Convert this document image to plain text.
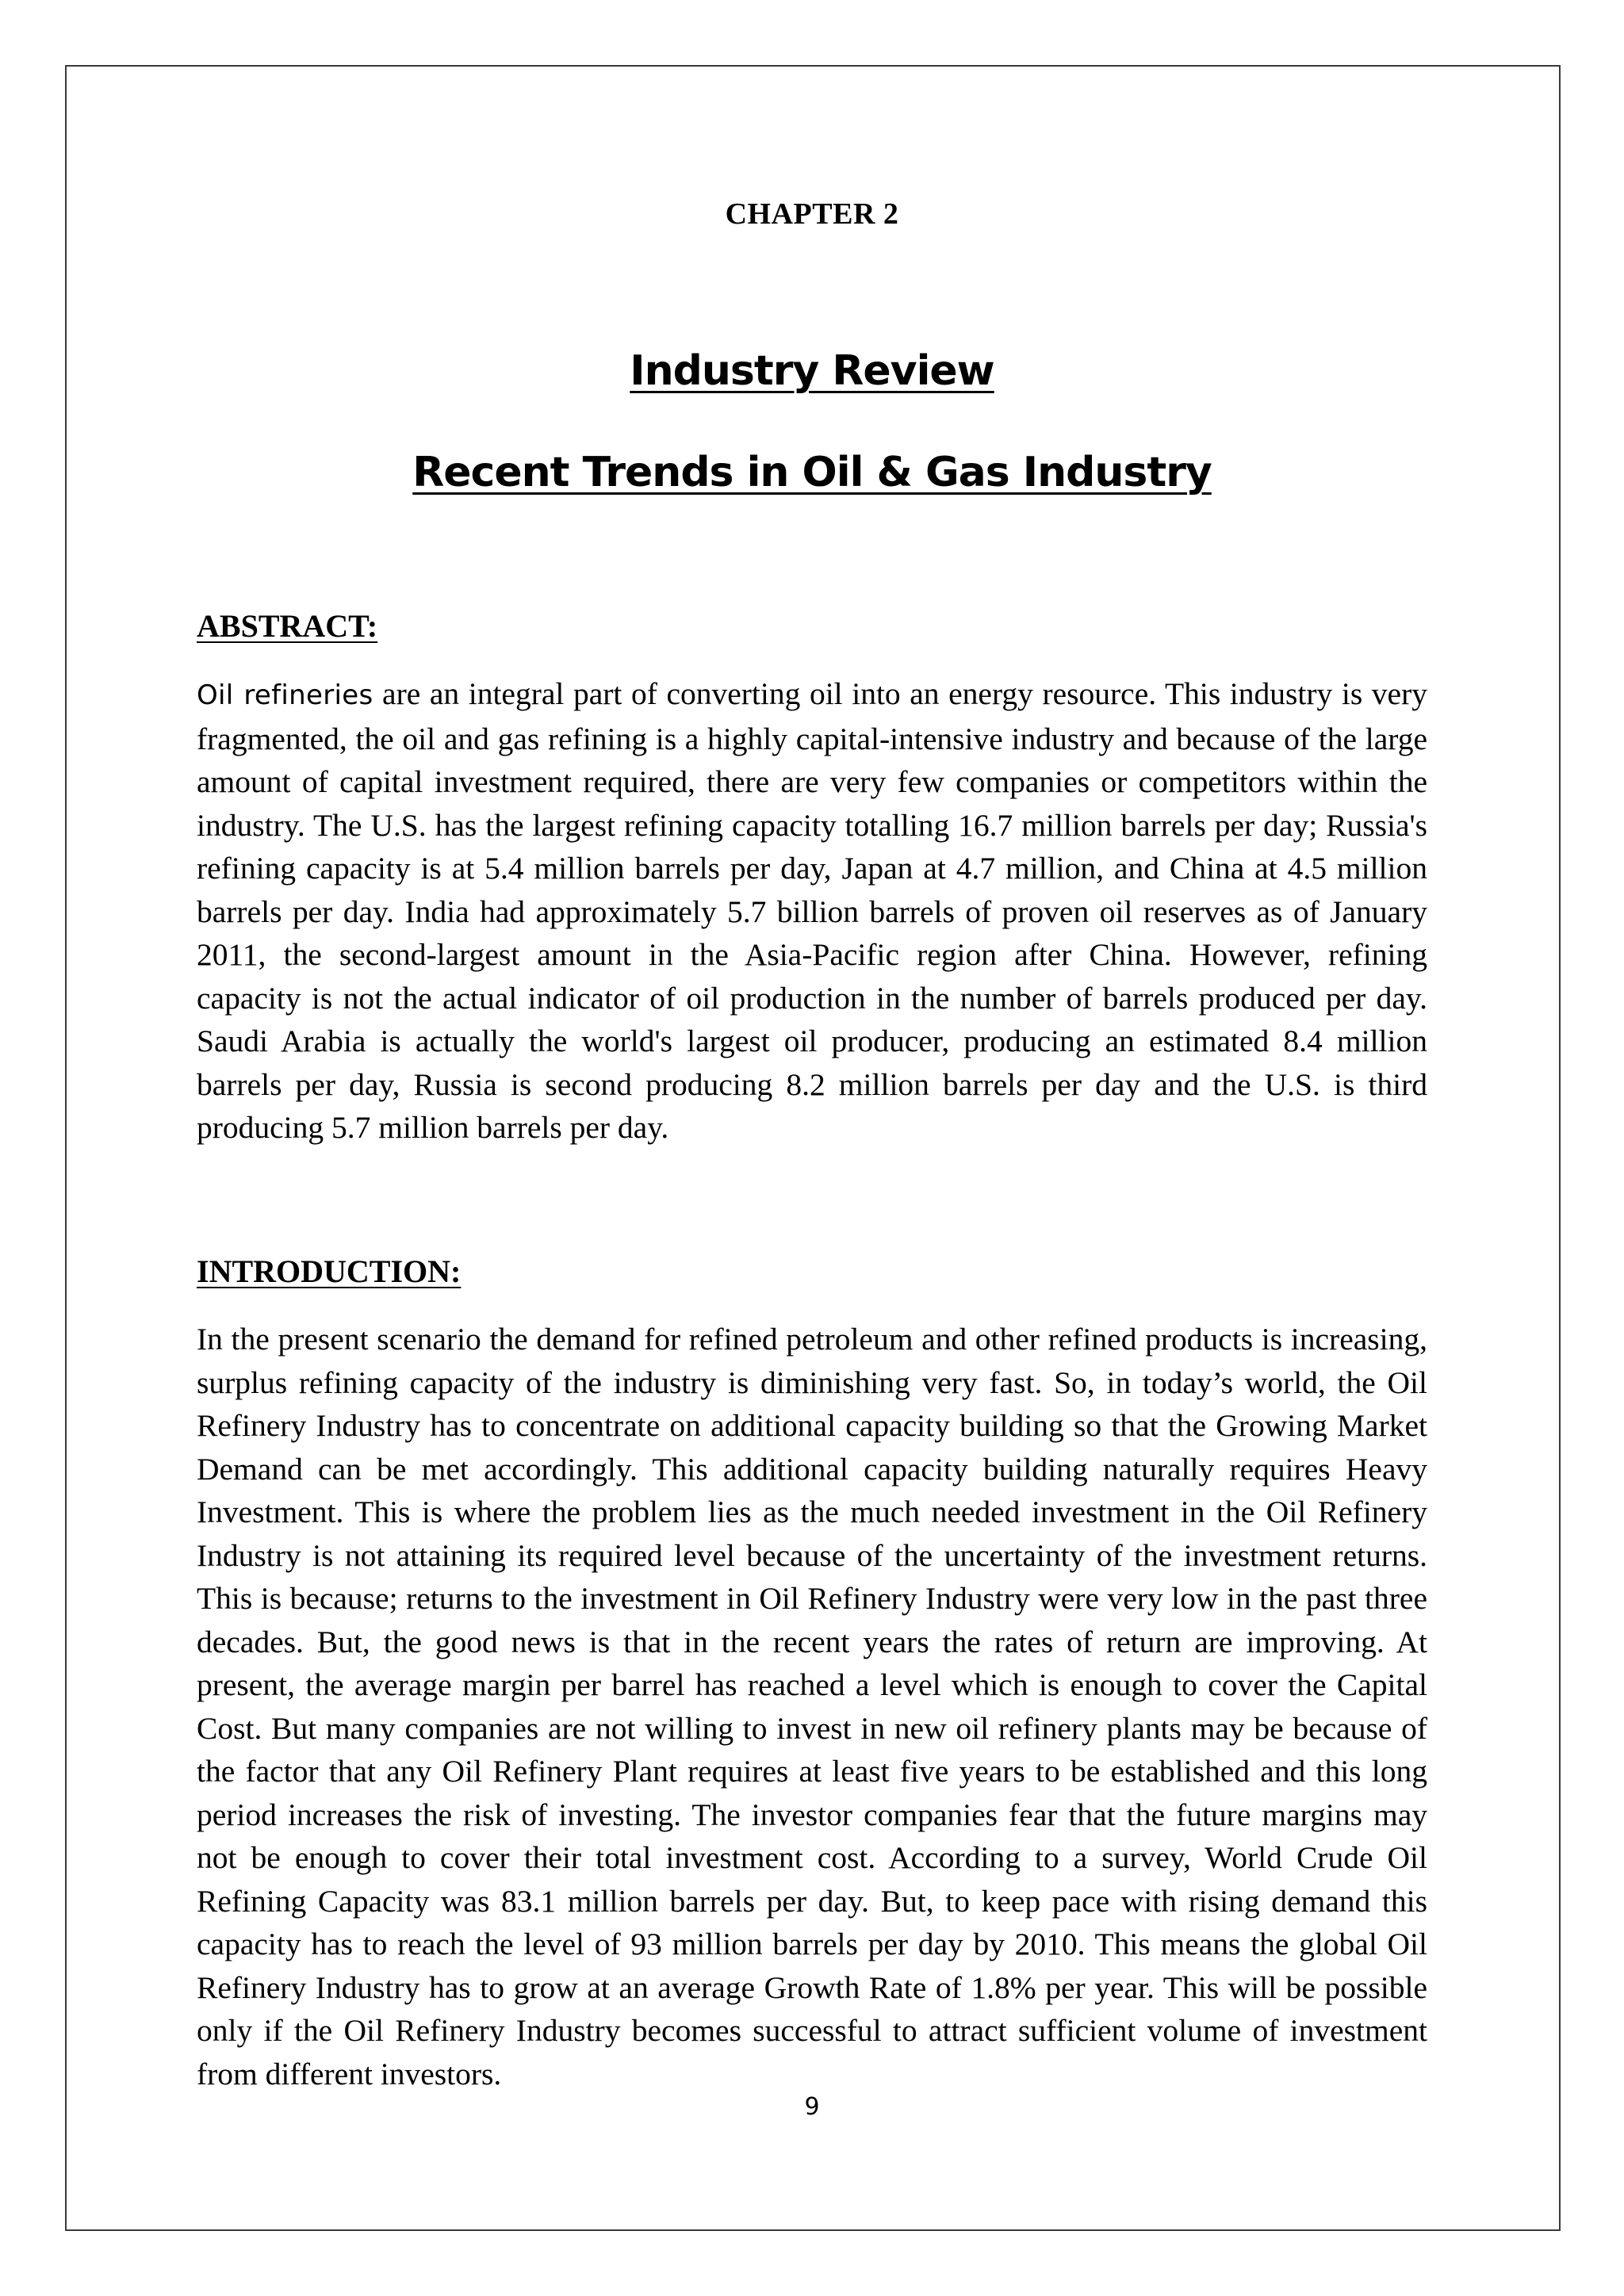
CHAPTER 2
Industry Review
Recent Trends in Oil & Gas Industry
ABSTRACT:
Oil refineries are an integral part of converting oil into an energy resource. This industry is very fragmented, the oil and gas refining is a highly capital-intensive industry and because of the large amount of capital investment required, there are very few companies or competitors within the industry. The U.S. has the largest refining capacity totalling 16.7 million barrels per day; Russia's refining capacity is at 5.4 million barrels per day, Japan at 4.7 million, and China at 4.5 million barrels per day. India had approximately 5.7 billion barrels of proven oil reserves as of January 2011, the second-largest amount in the Asia-Pacific region after China. However, refining capacity is not the actual indicator of oil production in the number of barrels produced per day. Saudi Arabia is actually the world's largest oil producer, producing an estimated 8.4 million barrels per day, Russia is second producing 8.2 million barrels per day and the U.S. is third producing 5.7 million barrels per day.
INTRODUCTION:
In the present scenario the demand for refined petroleum and other refined products is increasing, surplus refining capacity of the industry is diminishing very fast. So, in today’s world, the Oil Refinery Industry has to concentrate on additional capacity building so that the Growing Market Demand can be met accordingly. This additional capacity building naturally requires Heavy Investment. This is where the problem lies as the much needed investment in the Oil Refinery Industry is not attaining its required level because of the uncertainty of the investment returns. This is because; returns to the investment in Oil Refinery Industry were very low in the past three decades. But, the good news is that in the recent years the rates of return are improving. At present, the average margin per barrel has reached a level which is enough to cover the Capital Cost. But many companies are not willing to invest in new oil refinery plants may be because of the factor that any Oil Refinery Plant requires at least five years to be established and this long period increases the risk of investing. The investor companies fear that the future margins may not be enough to cover their total investment cost. According to a survey, World Crude Oil Refining Capacity was 83.1 million barrels per day. But, to keep pace with rising demand this capacity has to reach the level of 93 million barrels per day by 2010. This means the global Oil Refinery Industry has to grow at an average Growth Rate of 1.8% per year. This will be possible only if the Oil Refinery Industry becomes successful to attract sufficient volume of investment from different investors.
9
